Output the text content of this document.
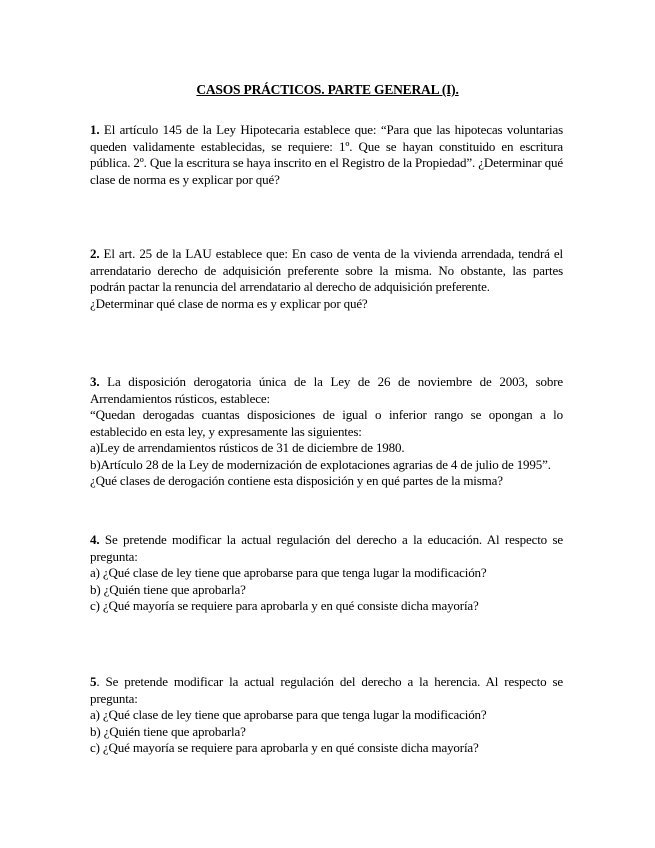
CASOS PRÁCTICOS. PARTE GENERAL (I).

1. El artículo 145 de la Ley Hipotecaria establece que: “Para que las hipotecas voluntarias queden validamente establecidas, se requiere: 1º. Que se hayan constituido en escritura pública. 2º. Que la escritura se haya inscrito en el Registro de la Propiedad”. ¿Determinar qué clase de norma es y explicar por qué?

2. El art. 25 de la LAU establece que: En caso de venta de la vivienda arrendada, tendrá el arrendatario derecho de adquisición preferente sobre la misma. No obstante, las partes podrán pactar la renuncia del arrendatario al derecho de adquisición preferente.

¿Determinar qué clase de norma es y explicar por qué?

3. La disposición derogatoria única de la Ley de 26 de noviembre de 2003, sobre Arrendamientos rústicos, establece:

“Quedan derogadas cuantas disposiciones de igual o inferior rango se opongan a lo establecido en esta ley, y expresamente las siguientes:

a)Ley de arrendamientos rústicos de 31 de diciembre de 1980.

b)Artículo 28 de la Ley de modernización de explotaciones agrarias de 4 de julio de 1995”.

¿Qué clases de derogación contiene esta disposición y en qué partes de la misma?

4. Se pretende modificar la actual regulación del derecho a la educación. Al respecto se pregunta:

a) ¿Qué clase de ley tiene que aprobarse para que tenga lugar la modificación?

b) ¿Quién tiene que aprobarla?

c) ¿Qué mayoría se requiere para aprobarla y en qué consiste dicha mayoría?

5. Se pretende modificar la actual regulación del derecho a la herencia. Al respecto se pregunta:

a) ¿Qué clase de ley tiene que aprobarse para que tenga lugar la modificación?

b) ¿Quién tiene que aprobarla?

c) ¿Qué mayoría se requiere para aprobarla y en qué consiste dicha mayoría?
